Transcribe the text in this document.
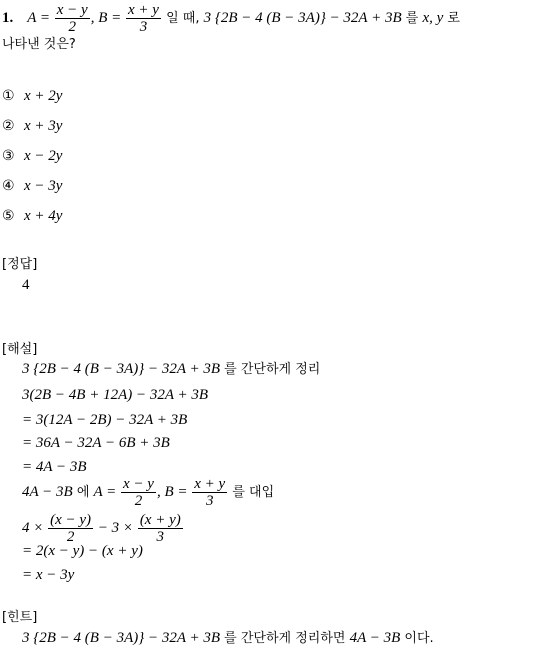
1. $A = \frac{x - y}{2}$ , $B = \frac{x + y}{3}$ 일 때, 3 {2B − 4 (B − 3A)} − 32A + 3B 를 x, y 로
나타낸 것은?
① x + 2y
② x + 3y
③ x − 2y
④ x − 3y
⑤ x + 4y
[정답]
4
[해설]
3 {2B − 4 (B − 3A)} − 32A + 3B 를 간단하게 정리
3(2B − 4B + 12A) − 32A + 3B
= 3(12A − 2B) − 32A + 3B
= 36A − 32A − 6B + 3B
= 4A − 3B
4A − 3B 에 $A = \frac{x - y}{2}$ , $B = \frac{x + y}{3}$ 를 대입
$4 \times \frac{(x - y)}{2} - 3 \times \frac{(x + y)}{3}$
= 2(x − y) − (x + y)
= x − 3y
[힌트]
3 {2B − 4 (B − 3A)} − 32A + 3B 를 간단하게 정리하면 4A − 3B 이다.
